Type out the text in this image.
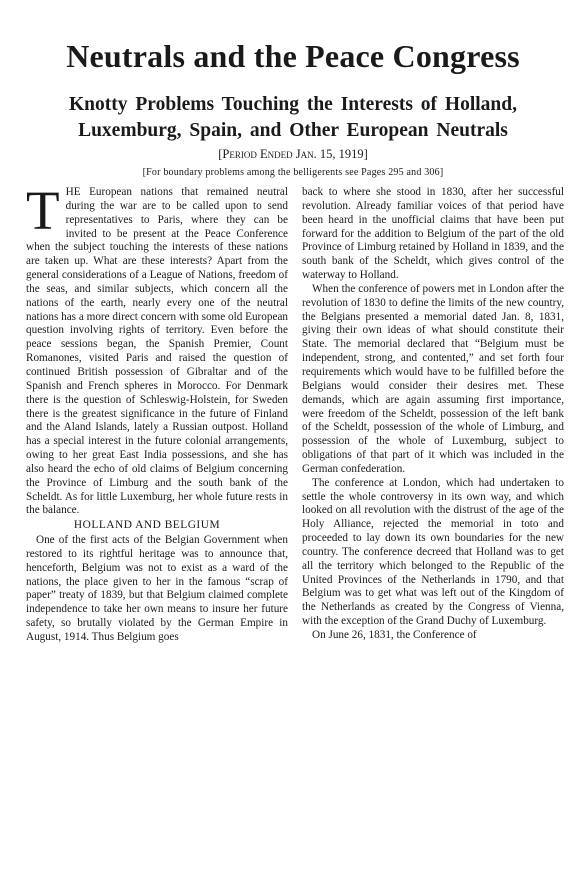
Neutrals and the Peace Congress
Knotty Problems Touching the Interests of Holland, Luxemburg, Spain, and Other European Neutrals

[Period Ended Jan. 15, 1919]

[For boundary problems among the belligerents see Pages 295 and 306]

THE European nations that remained neutral during the war are to be called upon to send representatives to Paris, where they can be invited to be present at the Peace Conference when the subject touching the interests of these nations are taken up. What are these interests? Apart from the general considerations of a League of Nations, freedom of the seas, and similar subjects, which concern all the nations of the earth, nearly every one of the neutral nations has a more direct concern with some old European question involving rights of territory. Even before the peace sessions began, the Spanish Premier, Count Romanones, visited Paris and raised the question of continued British possession of Gibraltar and of the Spanish and French spheres in Morocco. For Denmark there is the question of Schleswig-Holstein, for Sweden there is the greatest significance in the future of Finland and the Aland Islands, lately a Russian outpost. Holland has a special interest in the future colonial arrangements, owing to her great East India possessions, and she has also heard the echo of old claims of Belgium concerning the Province of Limburg and the south bank of the Scheldt. As for little Luxemburg, her whole future rests in the balance.

HOLLAND AND BELGIUM

One of the first acts of the Belgian Government when restored to its rightful heritage was to announce that, henceforth, Belgium was not to exist as a ward of the nations, the place given to her in the famous “scrap of paper” treaty of 1839, but that Belgium claimed complete independence to take her own means to insure her future safety, so brutally violated by the German Empire in August, 1914. Thus Belgium goes

back to where she stood in 1830, after her successful revolution. Already familiar voices of that period have been heard in the unofficial claims that have been put forward for the addition to Belgium of the part of the old Province of Limburg retained by Holland in 1839, and the south bank of the Scheldt, which gives control of the waterway to Holland.

When the conference of powers met in London after the revolution of 1830 to define the limits of the new country, the Belgians presented a memorial dated Jan. 8, 1831, giving their own ideas of what should constitute their State. The memorial declared that “Belgium must be independent, strong, and contented,” and set forth four requirements which would have to be fulfilled before the Belgians would consider their desires met. These demands, which are again assuming first importance, were freedom of the Scheldt, possession of the left bank of the Scheldt, possession of the whole of Limburg, and possession of the whole of Luxemburg, subject to obligations of that part of it which was included in the German confederation.

The conference at London, which had undertaken to settle the whole controversy in its own way, and which looked on all revolution with the distrust of the age of the Holy Alliance, rejected the memorial in toto and proceeded to lay down its own boundaries for the new country. The conference decreed that Holland was to get all the territory which belonged to the Republic of the United Provinces of the Netherlands in 1790, and that Belgium was to get what was left out of the Kingdom of the Netherlands as created by the Congress of Vienna, with the exception of the Grand Duchy of Luxemburg.

On June 26, 1831, the Conference of
